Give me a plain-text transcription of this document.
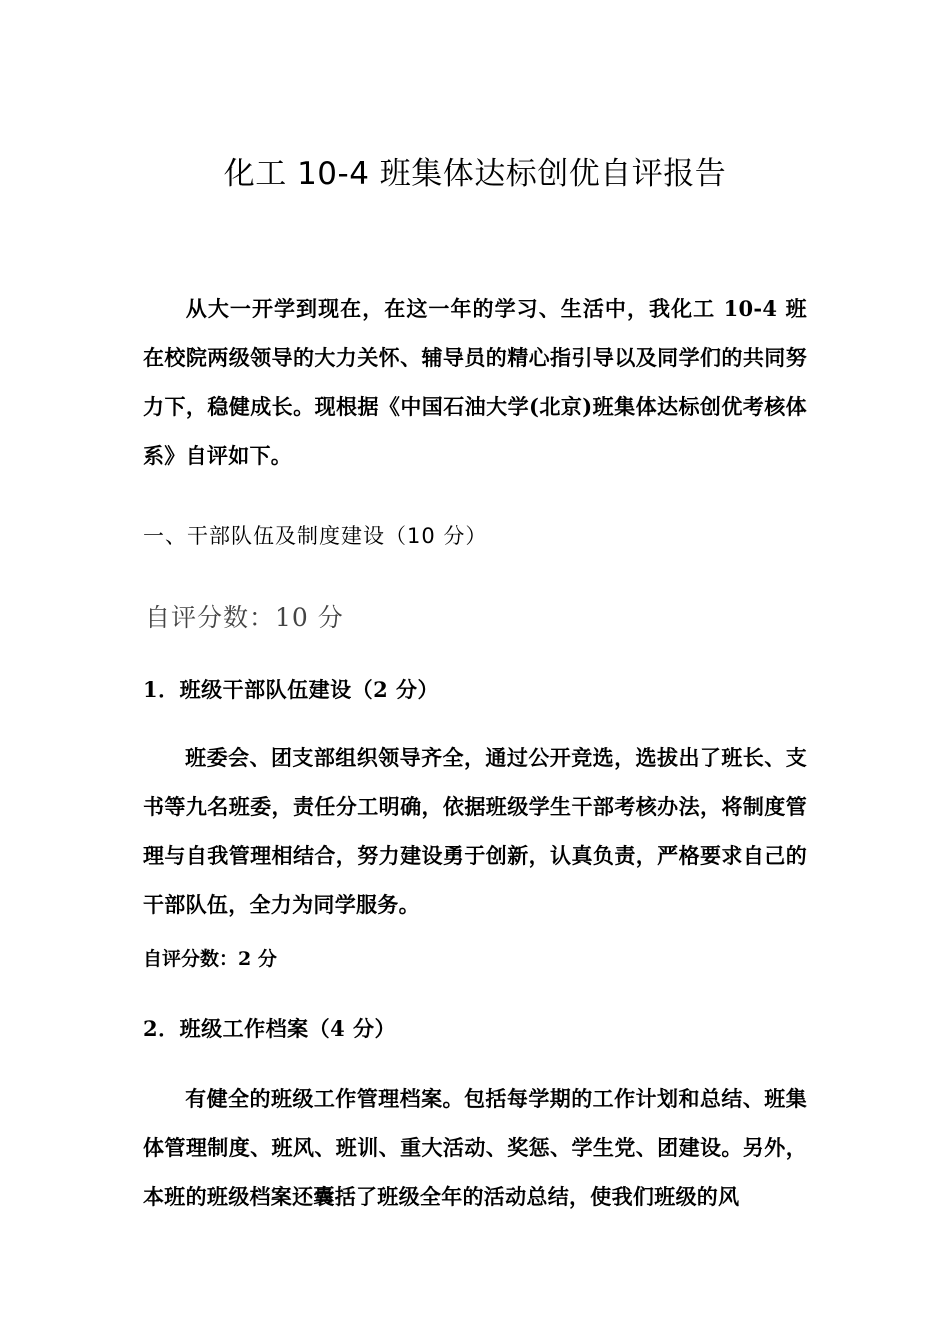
化工 10-4 班集体达标创优自评报告
从大一开学到现在，在这一年的学习、生活中，我化工 10-4 班在校院两级领导的大力关怀、辅导员的精心指引导以及同学们的共同努力下，稳健成长。现根据《中国石油大学(北京)班集体达标创优考核体系》自评如下。
一、干部队伍及制度建设（10 分）
自评分数：10 分
1．班级干部队伍建设（2 分）
班委会、团支部组织领导齐全，通过公开竞选，选拔出了班长、支书等九名班委，责任分工明确，依据班级学生干部考核办法，将制度管理与自我管理相结合，努力建设勇于创新，认真负责，严格要求自己的干部队伍，全力为同学服务。
自评分数：2 分
2．班级工作档案（4 分）
有健全的班级工作管理档案。包括每学期的工作计划和总结、班集体管理制度、班风、班训、重大活动、奖惩、学生党、团建设。另外，本班的班级档案还囊括了班级全年的活动总结，使我们班级的风
